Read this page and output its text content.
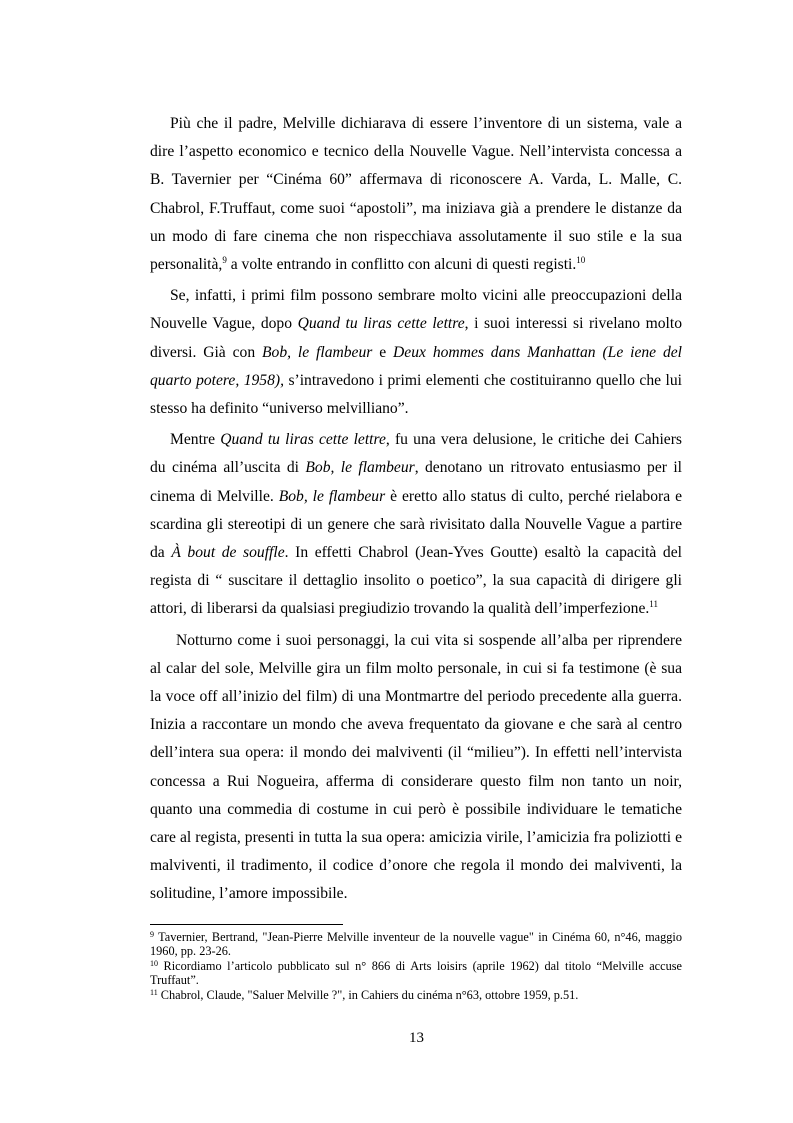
Più che il padre, Melville dichiarava di essere l’inventore di un sistema, vale a dire l’aspetto economico e tecnico della Nouvelle Vague. Nell’intervista concessa a B. Tavernier per “Cinéma 60” affermava di riconoscere A. Varda, L. Malle, C. Chabrol, F.Truffaut, come suoi “apostoli”, ma iniziava già a prendere le distanze da un modo di fare cinema che non rispecchiava assolutamente il suo stile e la sua personalità,$^9$ a volte entrando in conflitto con alcuni di questi registi.$^{10}$

Se, infatti, i primi film possono sembrare molto vicini alle preoccupazioni della Nouvelle Vague, dopo Quand tu liras cette lettre, i suoi interessi si rivelano molto diversi. Già con Bob, le flambeur e Deux hommes dans Manhattan (Le iene del quarto potere, 1958), s’intravedono i primi elementi che costituiranno quello che lui stesso ha definito “universo melvilliano”.

Mentre Quand tu liras cette lettre, fu una vera delusione, le critiche dei Cahiers du cinéma all’uscita di Bob, le flambeur, denotano un ritrovato entusiasmo per il cinema di Melville. Bob, le flambeur è eretto allo status di culto, perché rielabora e scardina gli stereotipi di un genere che sarà rivisitato dalla Nouvelle Vague a partire da À bout de souffle. In effetti Chabrol (Jean-Yves Goutte) esaltò la capacità del regista di “ suscitare il dettaglio insolito o poetico”, la sua capacità di dirigere gli attori, di liberarsi da qualsiasi pregiudizio trovando la qualità dell’imperfezione.$^{11}$

Notturno come i suoi personaggi, la cui vita si sospende all’alba per riprendere al calar del sole, Melville gira un film molto personale, in cui si fa testimone (è sua la voce off all’inizio del film) di una Montmartre del periodo precedente alla guerra. Inizia a raccontare un mondo che aveva frequentato da giovane e che sarà al centro dell’intera sua opera: il mondo dei malviventi (il “milieu”). In effetti nell’intervista concessa a Rui Nogueira, afferma di considerare questo film non tanto un noir, quanto una commedia di costume in cui però è possibile individuare le tematiche care al regista, presenti in tutta la sua opera: amicizia virile, l’amicizia fra poliziotti e malviventi, il tradimento, il codice d’onore che regola il mondo dei malviventi, la solitudine, l’amore impossibile.

$^9$ Tavernier, Bertrand, "Jean-Pierre Melville inventeur de la nouvelle vague" in Cinéma 60, n°46, maggio 1960, pp. 23-26.

$^{10}$ Ricordiamo l’articolo pubblicato sul n° 866 di Arts loisirs (aprile 1962) dal titolo “Melville accuse Truffaut”.

$^{11}$ Chabrol, Claude, "Saluer Melville ?", in Cahiers du cinéma n°63, ottobre 1959, p.51.

13
